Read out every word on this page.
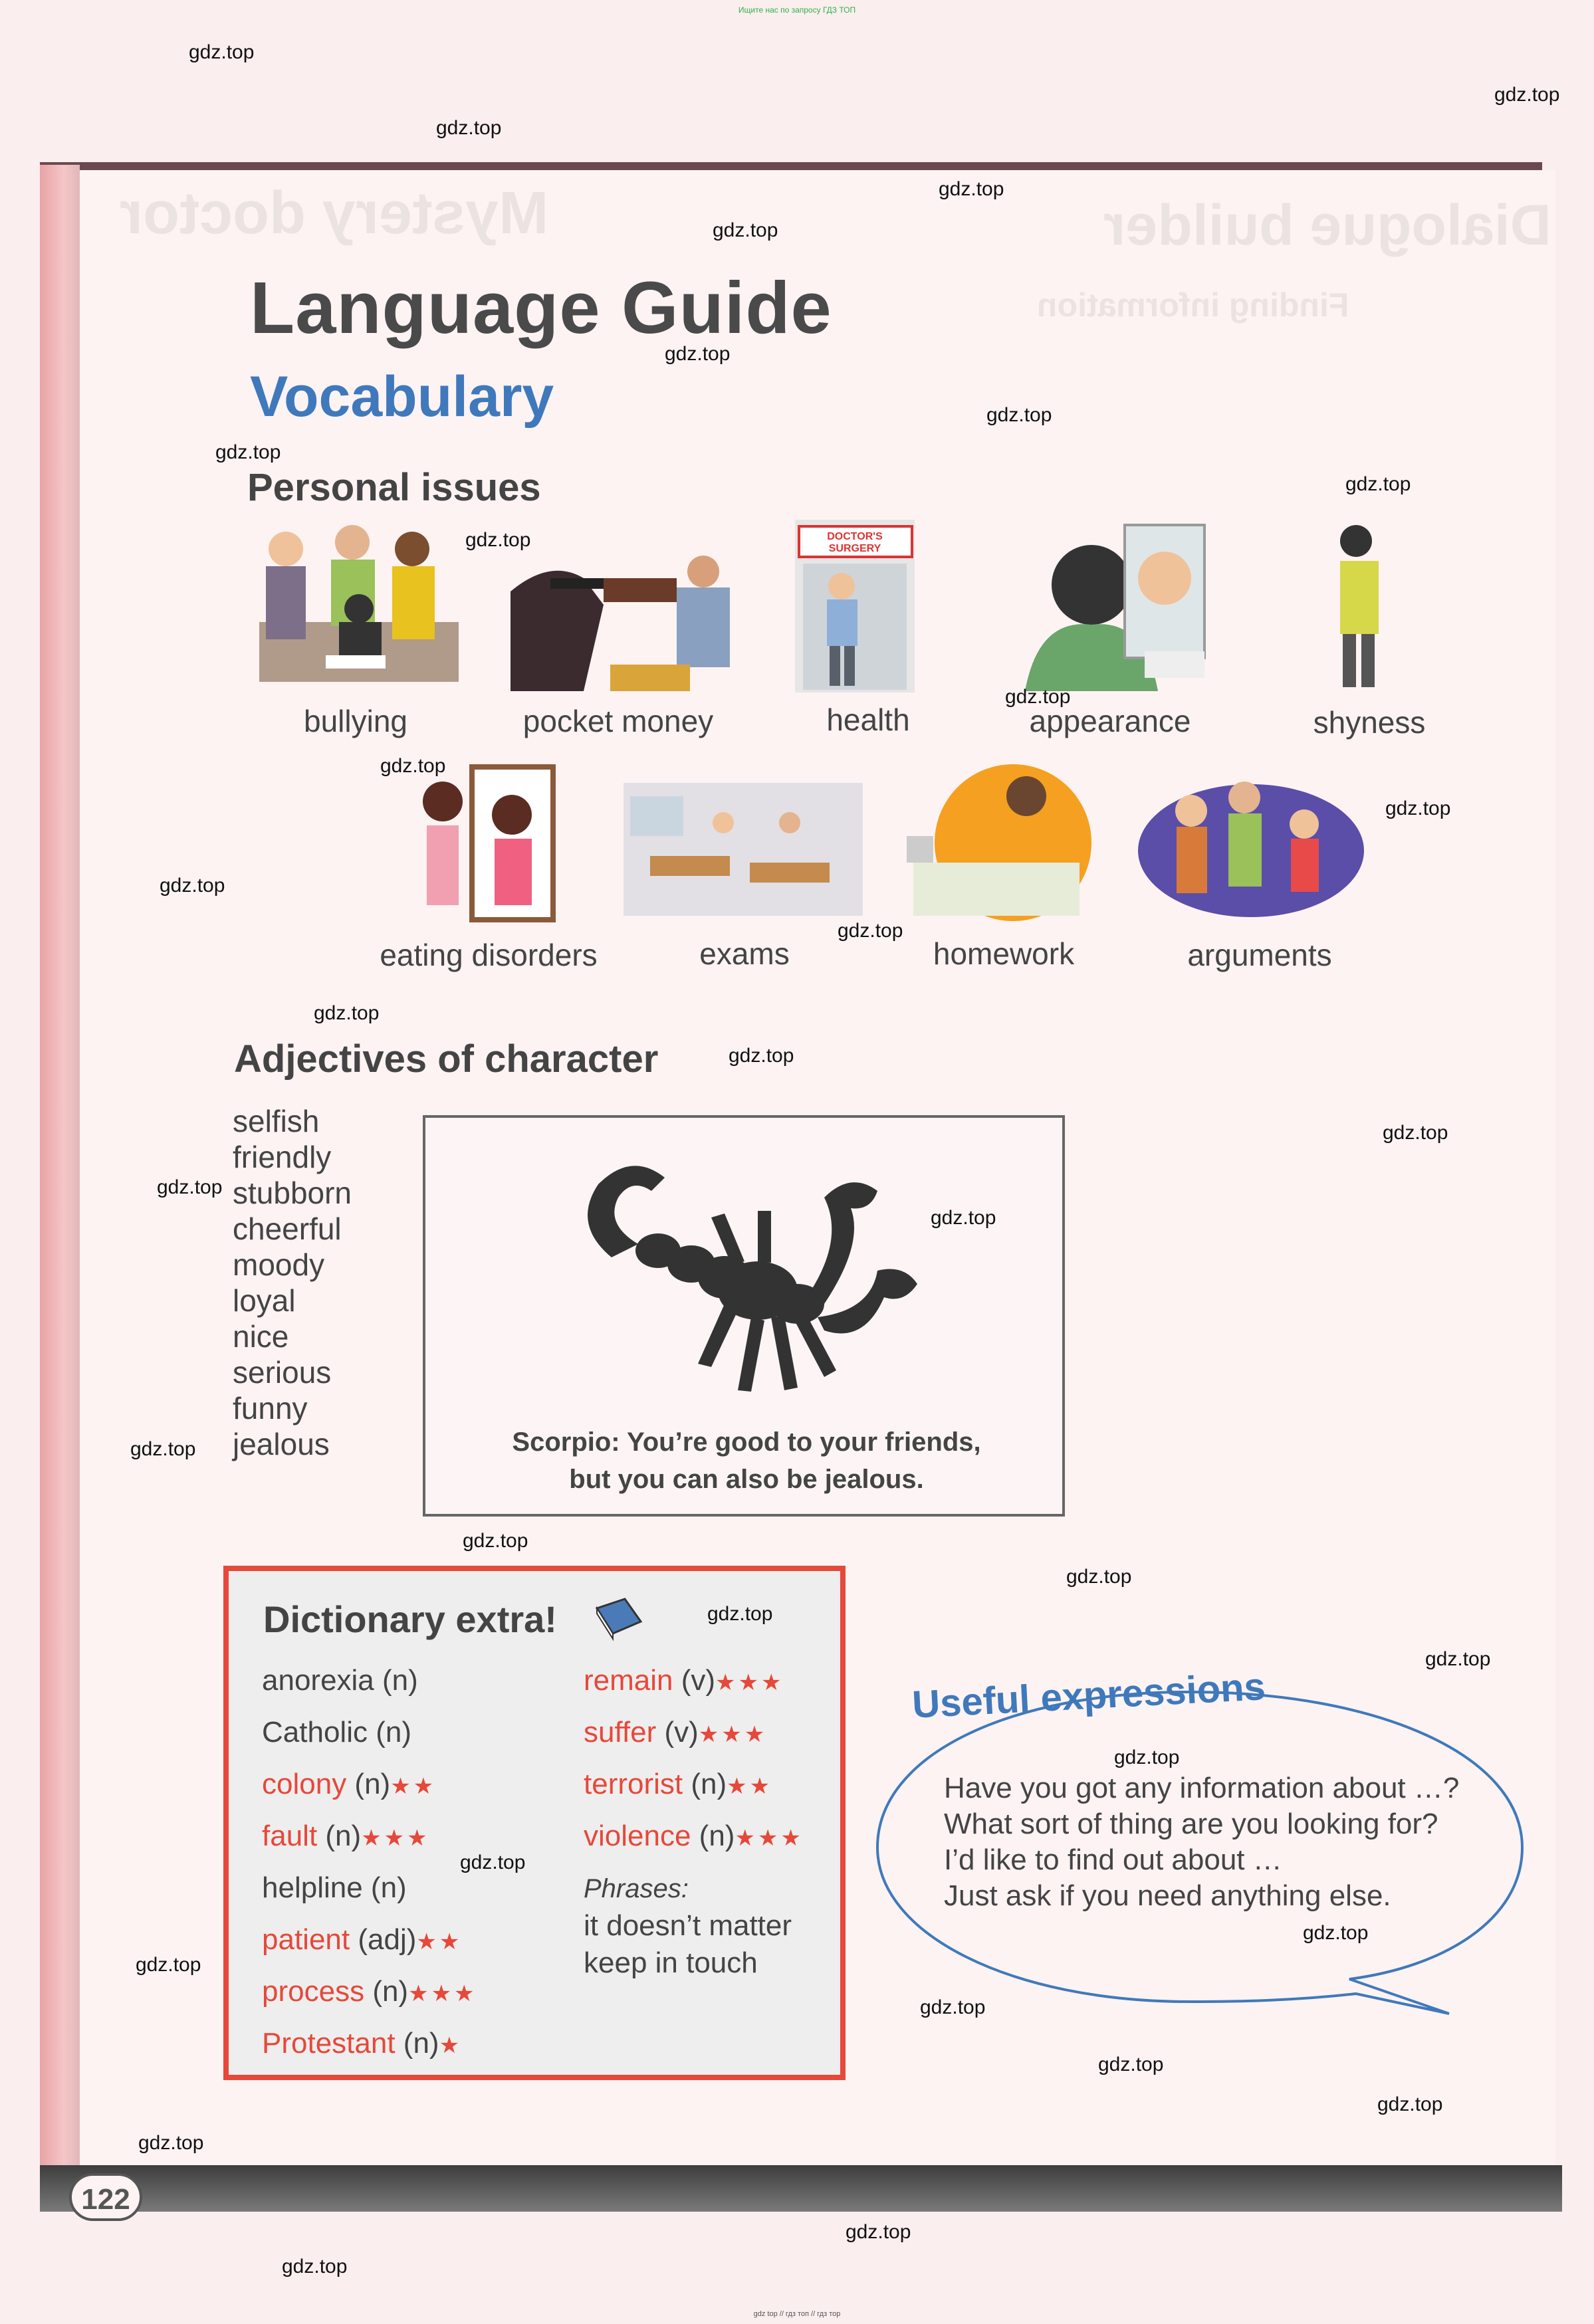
Ищите нас по запросу ГДЗ ТОП
Mystery doctor	Dialogue builder
Finding information
Language Guide
Vocabulary
Personal issues
bullying	pocket money
DOCTOR'S
SURGERY
health	appearance	shyness
eating disorders	exams	homework	arguments
Adjectives of character
selfish
friendly
stubborn
cheerful
moody
loyal
nice
serious
funny
jealous	Scorpio: You’re good to your friends,
but you can also be jealous.
Dictionary extra!
anorexia (n)
Catholic (n)
colony (n)★★
fault (n)★★★
helpline (n)
patient (adj)★★
process (n)★★★
Protestant (n)★
remain (v)★★★
suffer (v)★★★
terrorist (n)★★
violence (n)★★★
Phrases:
it doesn’t matter
keep in touch
Useful expressions
Have you got any information about …?
What sort of thing are you looking for?
I’d like to find out about …
Just ask if you need anything else.
122
gdz.top
gdz.top
gdz.top
gdz.top
gdz.top
gdz.top
gdz.top
gdz.top
gdz.top
gdz.top
gdz.top
gdz.top
gdz.top
gdz.top
gdz.top
gdz.top
gdz.top
gdz.top
gdz.top
gdz.top
gdz.top
gdz.top
gdz.top
gdz.top
gdz.top
gdz.top
gdz.top
gdz.top
gdz.top
gdz.top
gdz.top
gdz.top
gdz.top
gdz.top
gdz.top
gdz top // гдз топ // гдз тор
